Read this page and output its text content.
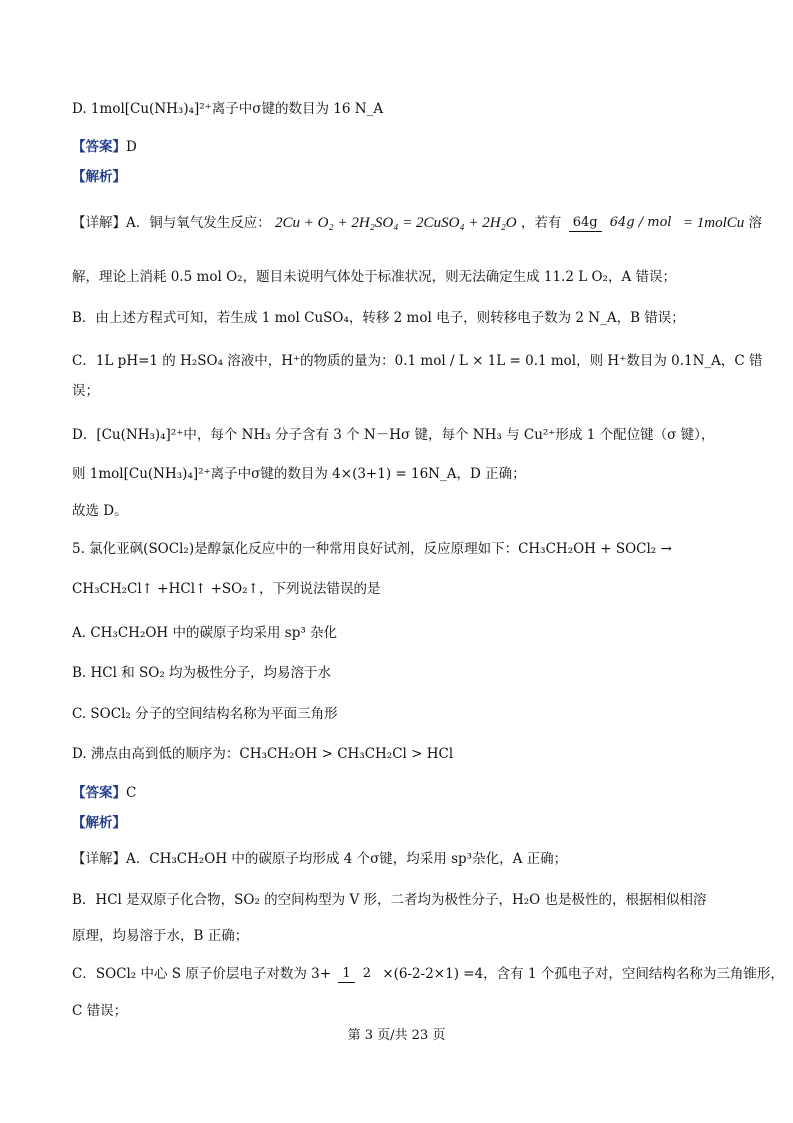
D. 1mol[Cu(NH₃)₄]²⁺离子中σ键的数目为 16 N_A
【答案】D
【解析】
【详解】A．铜与氧气发生反应： 2Cu + O₂ + 2H₂SO₄ = 2CuSO₄ + 2H₂O ，若有 64g 64g / mol = 1molCu 溶
解，理论上消耗 0.5 mol O₂，题目未说明气体处于标准状况，则无法确定生成 11.2 L O₂，A 错误；
B．由上述方程式可知，若生成 1 mol CuSO₄，转移 2 mol 电子，则转移电子数为 2 N_A，B 错误；
C．1L pH=1 的 H₂SO₄ 溶液中，H⁺的物质的量为：0.1 mol / L × 1L = 0.1 mol，则 H⁺数目为 0.1N_A，C 错
误；
D．[Cu(NH₃)₄]²⁺中，每个 NH₃ 分子含有 3 个 N－Hσ 键，每个 NH₃ 与 Cu²⁺形成 1 个配位键（σ 键），
则 1mol[Cu(NH₃)₄]²⁺离子中σ键的数目为 4×(3+1) = 16N_A，D 正确；
故选 D。
5. 氯化亚砜(SOCl₂)是醇氯化反应中的一种常用良好试剂，反应原理如下：CH₃CH₂OH + SOCl₂ →
CH₃CH₂Cl↑ +HCl↑ +SO₂↑，下列说法错误的是
A. CH₃CH₂OH 中的碳原子均采用 sp³ 杂化
B. HCl 和 SO₂ 均为极性分子，均易溶于水
C. SOCl₂ 分子的空间结构名称为平面三角形
D. 沸点由高到低的顺序为：CH₃CH₂OH > CH₃CH₂Cl > HCl
【答案】C
【解析】
【详解】A．CH₃CH₂OH 中的碳原子均形成 4 个σ键，均采用 sp³杂化，A 正确；
B．HCl 是双原子化合物，SO₂ 的空间构型为 V 形，二者均为极性分子，H₂O 也是极性的，根据相似相溶
原理，均易溶于水，B 正确；
C．SOCl₂ 中心 S 原子价层电子对数为 3+ 1 2 ×(6-2-2×1) =4，含有 1 个孤电子对，空间结构名称为三角锥形，
C 错误；
第 3 页/共 23 页
